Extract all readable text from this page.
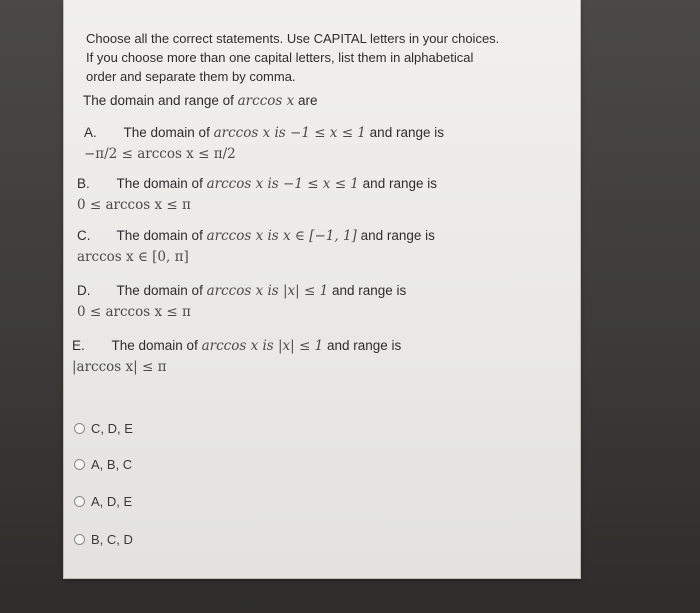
Choose all the correct statements. Use CAPITAL letters in your choices. If you choose more than one capital letters, list them in alphabetical order and separate them by comma.
The domain and range of arccos x are
A. The domain of arccos x is −1 ≤ x ≤ 1 and range is
−π/2 ≤ arccos x ≤ π/2
B. The domain of arccos x is −1 ≤ x ≤ 1 and range is
0 ≤ arccos x ≤ π
C. The domain of arccos x is x ∈ [−1, 1] and range is
arccos x ∈ [0, π]
D. The domain of arccos x is |x| ≤ 1 and range is
0 ≤ arccos x ≤ π
E. The domain of arccos x is |x| ≤ 1 and range is
|arccos x| ≤ π
C, D, E
A, B, C
A, D, E
B, C, D
